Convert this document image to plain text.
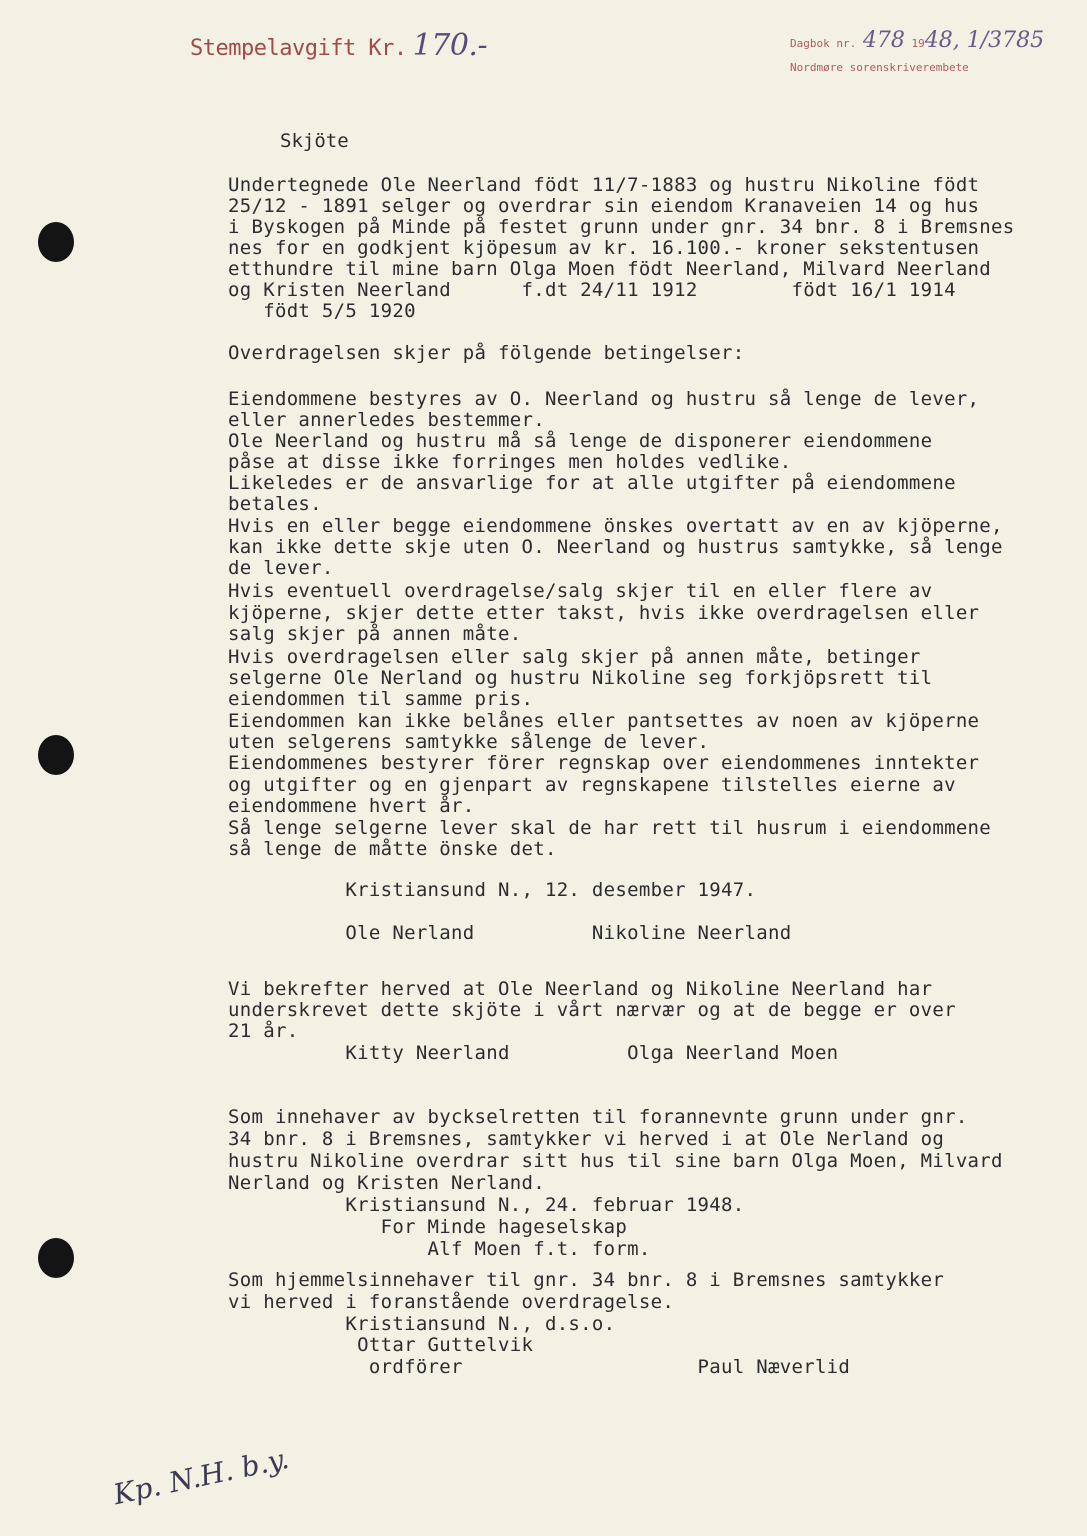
Stempelavgift Kr. 170.-	Dagbok nr. 478 1948, 1/3785
Nordmøre sorenskriverembete
Skjöte
Undertegnede Ole Neerland födt 11/7-1883 og hustru Nikoline födt
25/12 - 1891 selger og overdrar sin eiendom Kranaveien 14 og hus
i Byskogen på Minde på festet grunn under gnr. 34 bnr. 8 i Bremsnes
nes for en godkjent kjöpesum av kr. 16.100.- kroner sekstentusen
etthundre til mine barn Olga Moen födt Neerland, Milvard Neerland
og Kristen Neerland      f.dt 24/11 1912        födt 16/1 1914
födt 5/5 1920
Overdragelsen skjer på fölgende betingelser:
Eiendommene bestyres av O. Neerland og hustru så lenge de lever,
eller annerledes bestemmer.
Ole Neerland og hustru må så lenge de disponerer eiendommene
påse at disse ikke forringes men holdes vedlike.
Likeledes er de ansvarlige for at alle utgifter på eiendommene
betales.
Hvis en eller begge eiendommene önskes overtatt av en av kjöperne,
kan ikke dette skje uten O. Neerland og hustrus samtykke, så lenge
de lever.
Hvis eventuell overdragelse/salg skjer til en eller flere av
kjöperne, skjer dette etter takst, hvis ikke overdragelsen eller
salg skjer på annen måte.
Hvis overdragelsen eller salg skjer på annen måte, betinger
selgerne Ole Nerland og hustru Nikoline seg forkjöpsrett til
eiendommen til samme pris.
Eiendommen kan ikke belånes eller pantsettes av noen av kjöperne
uten selgerens samtykke sålenge de lever.
Eiendommenes bestyrer förer regnskap over eiendommenes inntekter
og utgifter og en gjenpart av regnskapene tilstelles eierne av
eiendommene hvert år.
Så lenge selgerne lever skal de har rett til husrum i eiendommene
så lenge de måtte önske det.
Kristiansund N., 12. desember 1947.
Ole Nerland          Nikoline Neerland
Vi bekrefter herved at Ole Neerland og Nikoline Neerland har
underskrevet dette skjöte i vårt nærvær og at de begge er over
21 år.
Kitty Neerland          Olga Neerland Moen
Som innehaver av byckselretten til forannevnte grunn under gnr.
34 bnr. 8 i Bremsnes, samtykker vi herved i at Ole Nerland og
hustru Nikoline overdrar sitt hus til sine barn Olga Moen, Milvard
Nerland og Kristen Nerland.
Kristiansund N., 24. februar 1948.
For Minde hageselskap
Alf Moen f.t. form.
Som hjemmelsinnehaver til gnr. 34 bnr. 8 i Bremsnes samtykker
vi herved i foranstående overdragelse.
Kristiansund N., d.s.o.
Ottar Guttelvik
ordförer                    Paul Næverlid
Kp. N.H. b.y.
